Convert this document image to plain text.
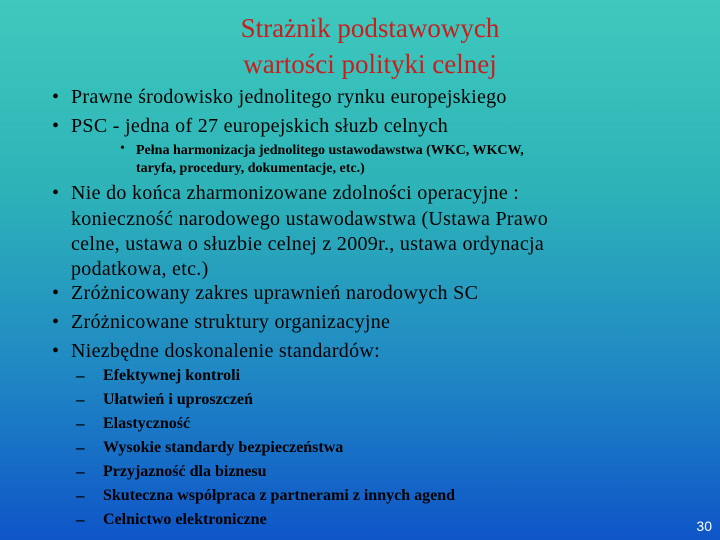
Strażnik podstawowych
wartości polityki celnej
• Prawne środowisko jednolitego rynku europejskiego
• PSC - jedna of 27 europejskich słuzb celnych
• Pełna harmonizacja jednolitego ustawodawstwa (WKC, WKCW,
taryfa, procedury, dokumentacje, etc.)
• Nie do końca zharmonizowane zdolności operacyjne :
konieczność narodowego ustawodawstwa (Ustawa Prawo
celne, ustawa o słuzbie celnej z 2009r., ustawa ordynacja
podatkowa, etc.)
• Zróżnicowany zakres uprawnień narodowych SC
• Zróżnicowane struktury organizacyjne
• Niezbędne doskonalenie standardów:
– Efektywnej kontroli
– Ułatwień i uproszczeń
– Elastyczność
– Wysokie standardy bezpieczeństwa
– Przyjazność dla biznesu
– Skuteczna współpraca z partnerami z innych agend
– Celnictwo elektroniczne	30
